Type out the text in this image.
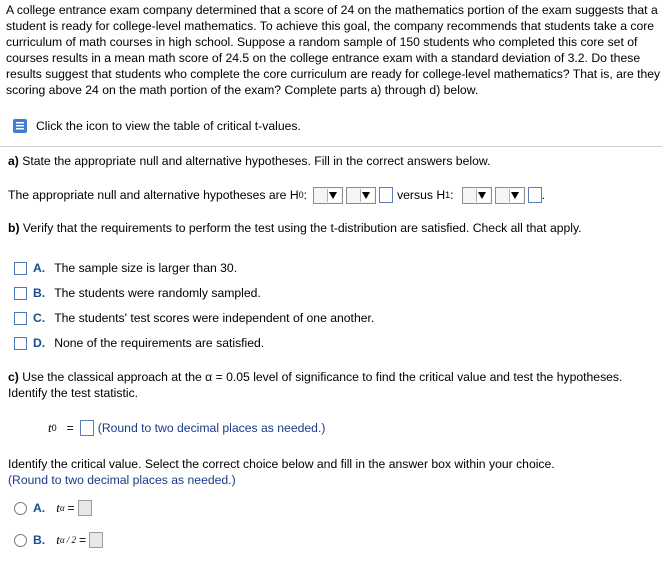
A college entrance exam company determined that a score of 24 on the mathematics portion of the exam suggests that a student is ready for college-level mathematics. To achieve this goal, the company recommends that students take a core curriculum of math courses in high school. Suppose a random sample of 150 students who completed this core set of courses results in a mean math score of 24.5 on the college entrance exam with a standard deviation of 3.2. Do these results suggest that students who complete the core curriculum are ready for college-level mathematics? That is, are they scoring above 24 on the math portion of the exam? Complete parts a) through d) below.
Click the icon to view the table of critical t-values.
a)
State the appropriate null and alternative hypotheses. Fill in the correct answers below.
The appropriate null and alternative hypotheses are H 0 :	versus H 1 :	.
b)
Verify that the requirements to perform the test using the t-distribution are satisfied. Check all that apply.
A. The sample size is larger than 30.
B. The students were randomly sampled.
C. The students' test scores were independent of one another.
D. None of the requirements are satisfied.
c) Use the classical approach at the α = 0.05 level of significance to find the critical value and test the hypotheses. Identify the test statistic.
t 0 = (Round to two decimal places as needed.)
Identify the critical value. Select the correct choice below and fill in the answer box within your choice.
(Round to two decimal places as needed.)
A. t α =
B. t α / 2 =
